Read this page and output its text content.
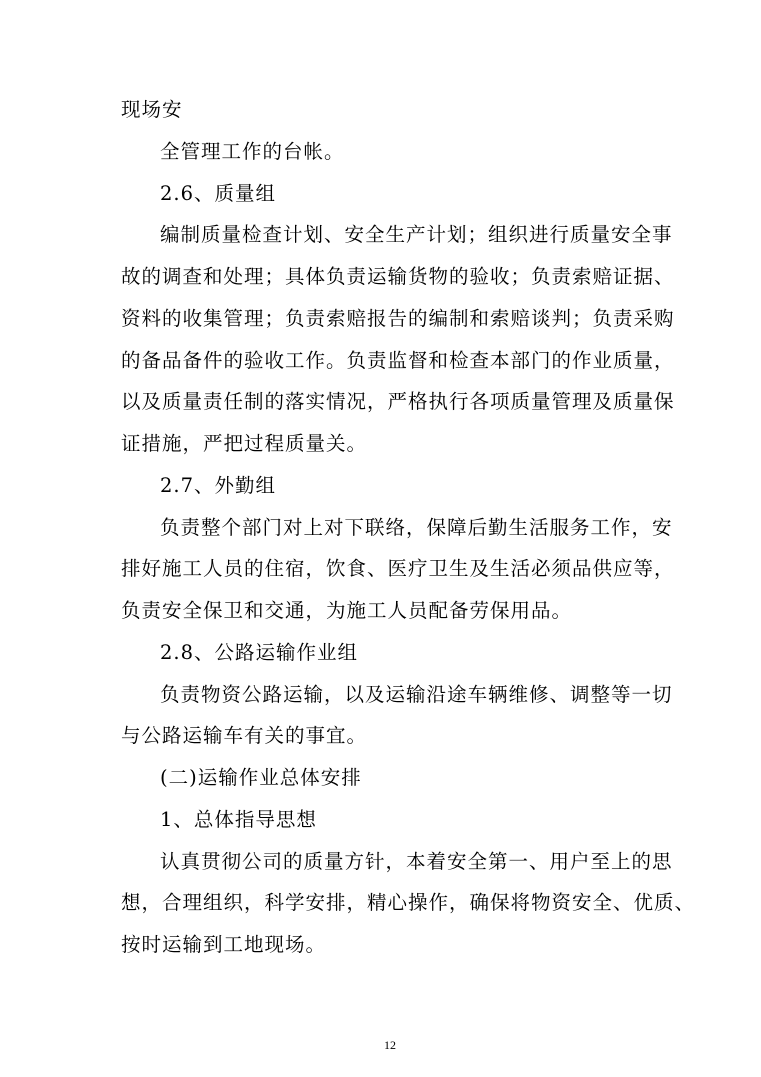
现场安
全管理工作的台帐。
2.6、质量组
编制质量检查计划、安全生产计划；组织进行质量安全事
故的调查和处理；具体负责运输货物的验收；负责索赔证据、
资料的收集管理；负责索赔报告的编制和索赔谈判；负责采购
的备品备件的验收工作。负责监督和检查本部门的作业质量，
以及质量责任制的落实情况，严格执行各项质量管理及质量保
证措施，严把过程质量关。
2.7、外勤组
负责整个部门对上对下联络，保障后勤生活服务工作，安
排好施工人员的住宿，饮食、医疗卫生及生活必须品供应等，
负责安全保卫和交通，为施工人员配备劳保用品。
2.8、公路运输作业组
负责物资公路运输，以及运输沿途车辆维修、调整等一切
与公路运输车有关的事宜。
(二)运输作业总体安排
1、总体指导思想
认真贯彻公司的质量方针，本着安全第一、用户至上的思
想，合理组织，科学安排，精心操作，确保将物资安全、优质、
按时运输到工地现场。
12
